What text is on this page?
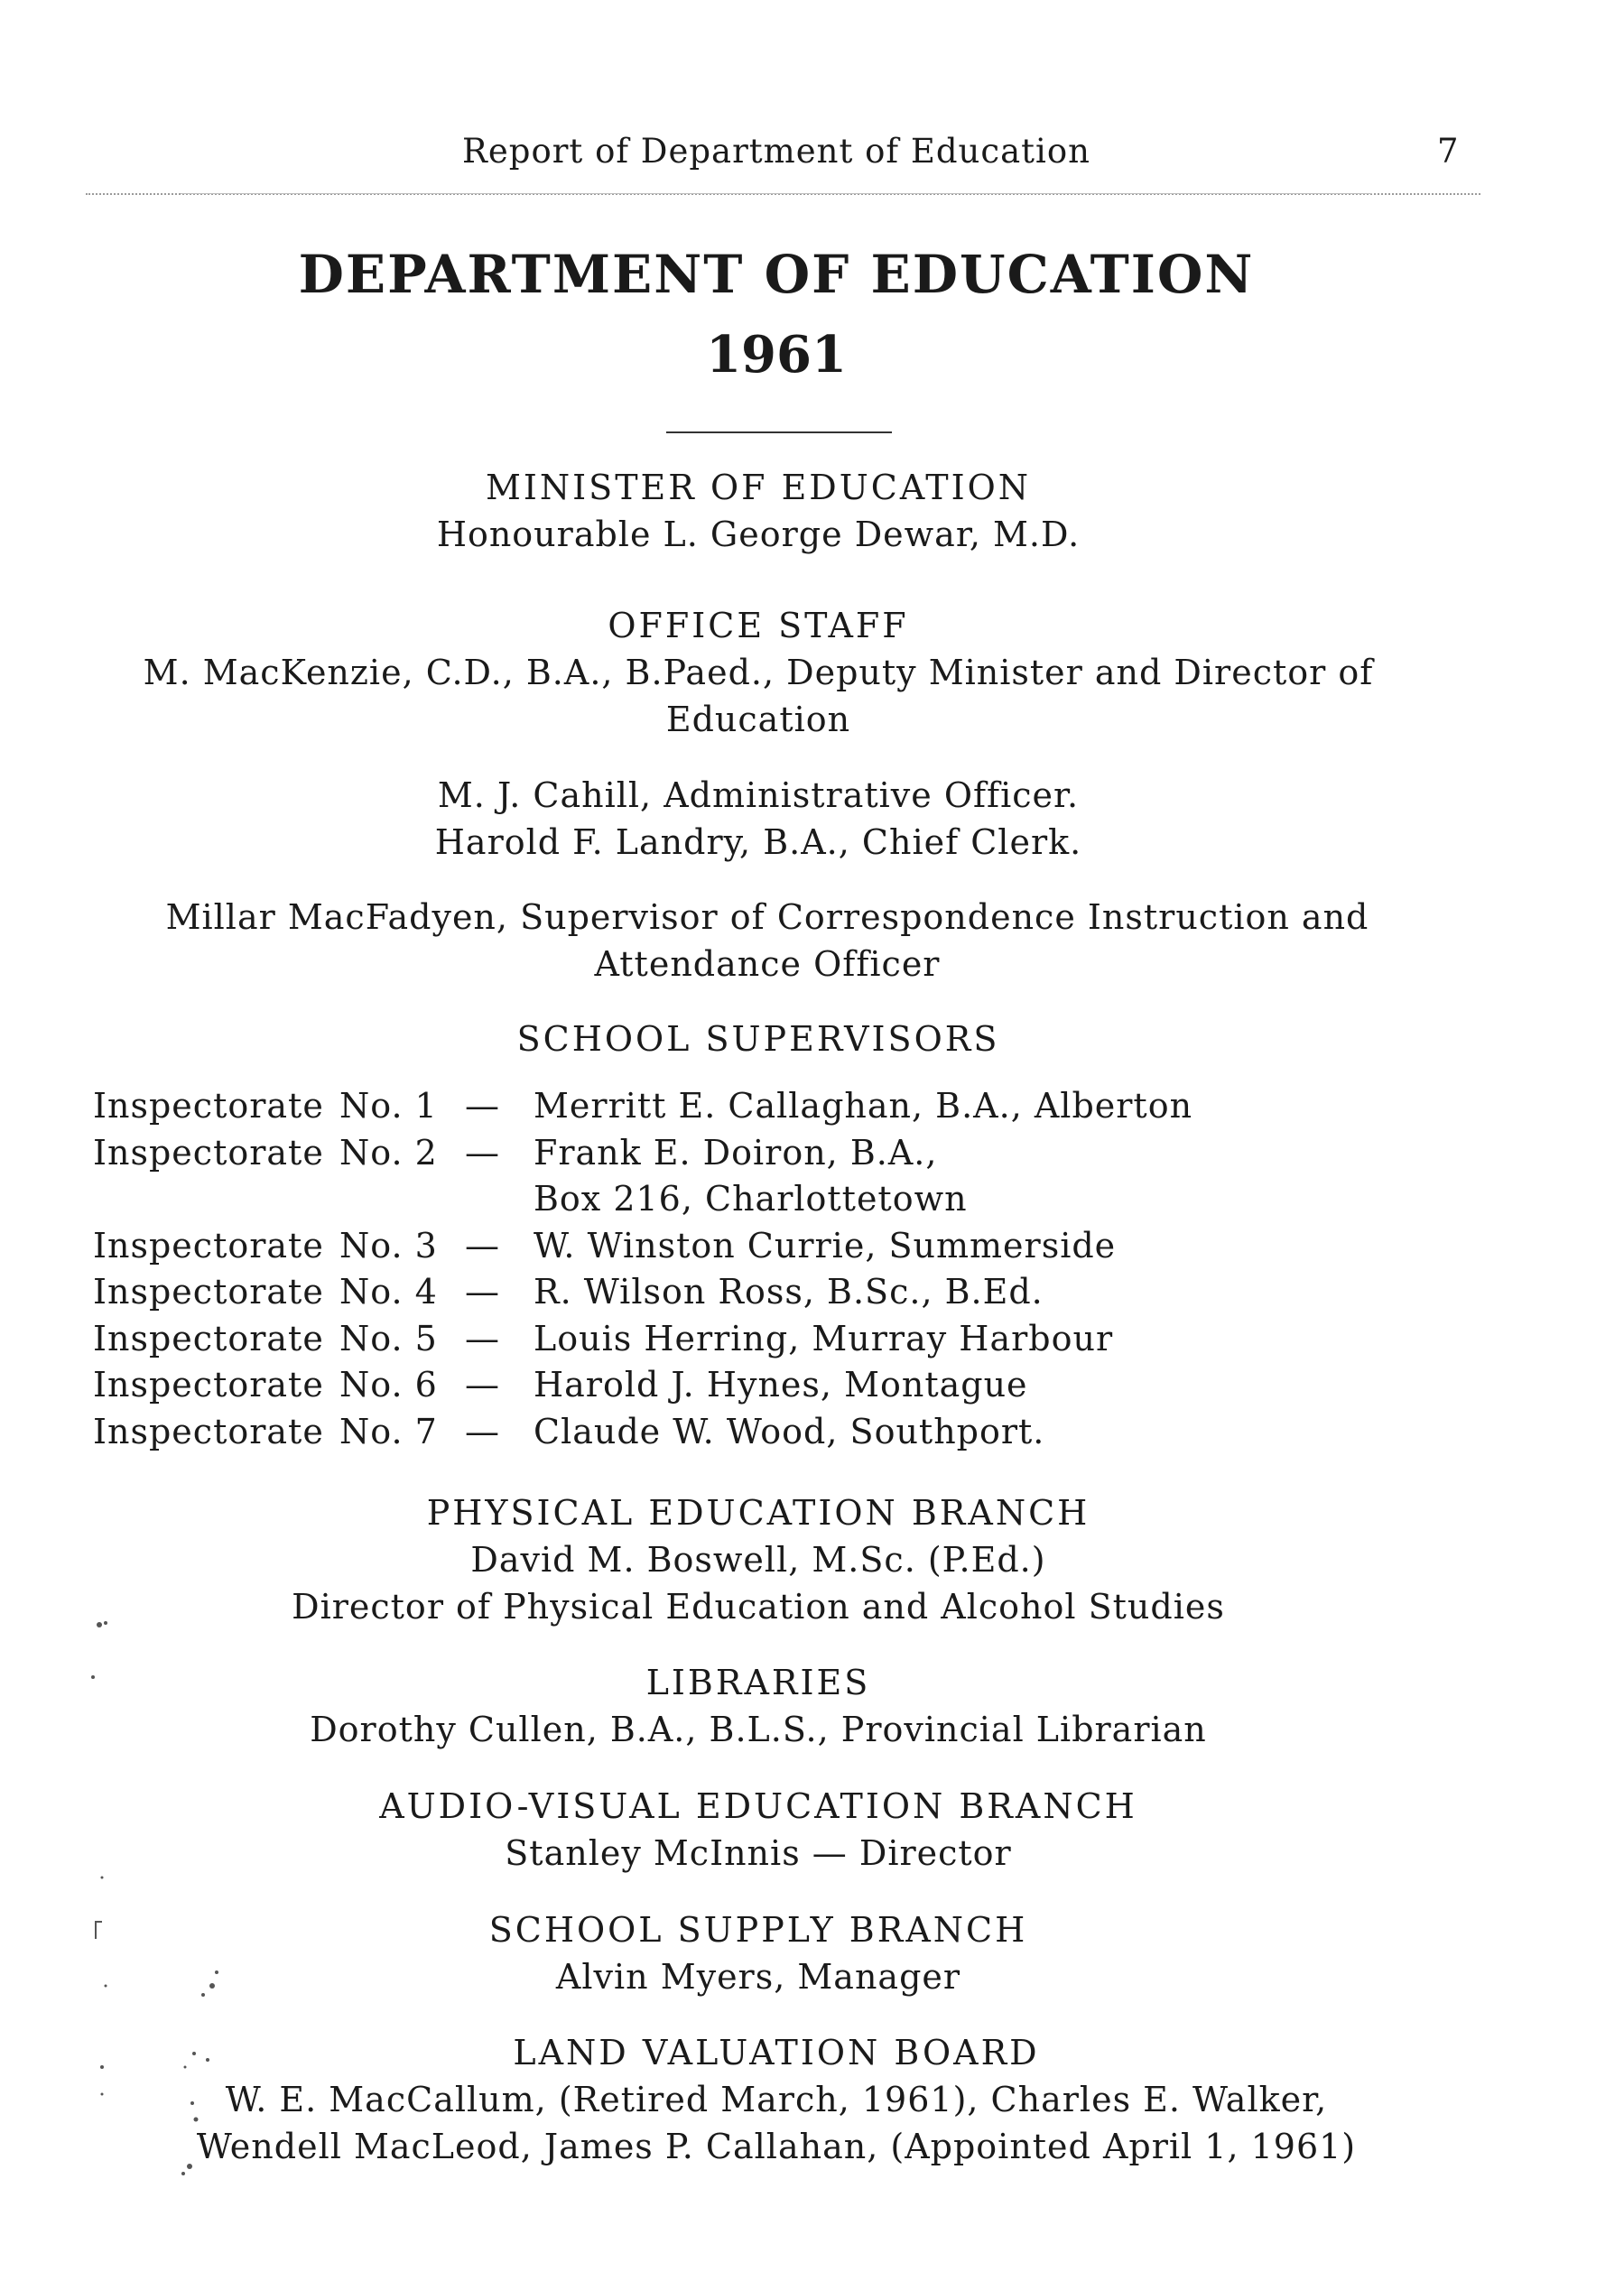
Report of Department of Education	7
DEPARTMENT OF EDUCATION
1961
MINISTER OF EDUCATION
Honourable L. George Dewar, M.D.
OFFICE STAFF
M. MacKenzie, C.D., B.A., B.Paed., Deputy Minister and Director of
Education
M. J. Cahill, Administrative Officer.
Harold F. Landry, B.A., Chief Clerk.
Millar MacFadyen, Supervisor of Correspondence Instruction and
Attendance Officer
SCHOOL SUPERVISORS
Inspectorate No. 1 — Merritt E. Callaghan, B.A., Alberton
Inspectorate No. 2 — Frank E. Doiron, B.A.,
Box 216, Charlottetown
Inspectorate No. 3 — W. Winston Currie, Summerside
Inspectorate No. 4 — R. Wilson Ross, B.Sc., B.Ed.
Inspectorate No. 5 — Louis Herring, Murray Harbour
Inspectorate No. 6 — Harold J. Hynes, Montague
Inspectorate No. 7 — Claude W. Wood, Southport.
PHYSICAL EDUCATION BRANCH
David M. Boswell, M.Sc. (P.Ed.)
Director of Physical Education and Alcohol Studies
LIBRARIES
Dorothy Cullen, B.A., B.L.S., Provincial Librarian
AUDIO-VISUAL EDUCATION BRANCH
Stanley McInnis — Director
SCHOOL SUPPLY BRANCH
Alvin Myers, Manager
LAND VALUATION BOARD
W. E. MacCallum, (Retired March, 1961), Charles E. Walker,
Wendell MacLeod, James P. Callahan, (Appointed April 1, 1961)
